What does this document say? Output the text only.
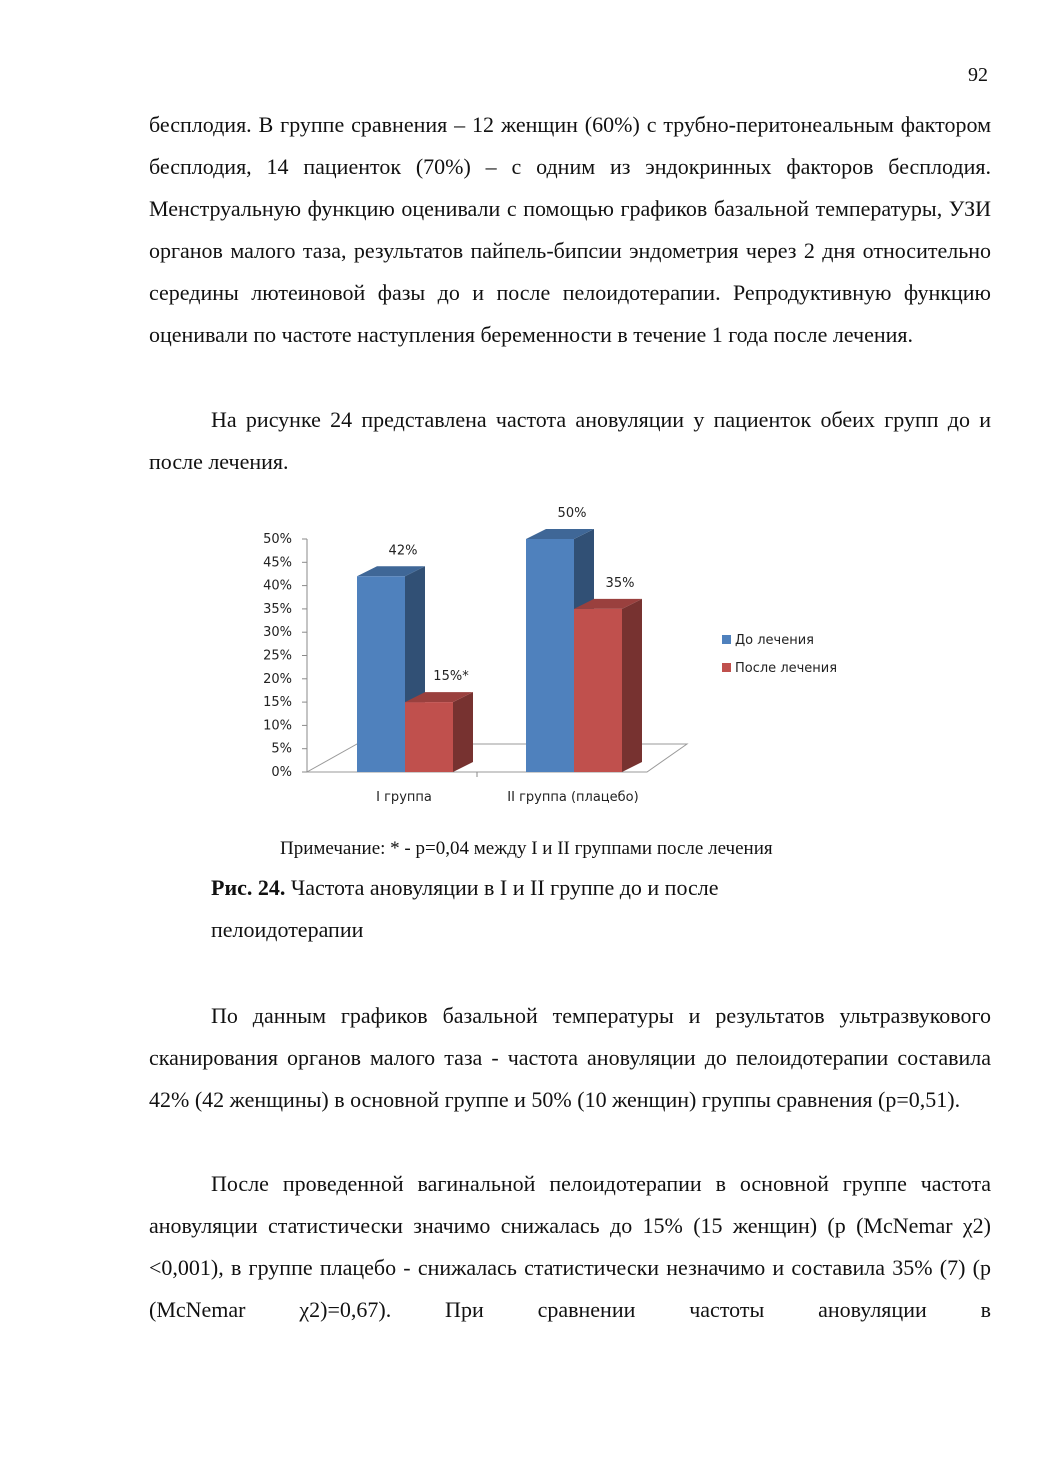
92

бесплодия. В группе сравнения – 12 женщин (60%) с трубно-перитонеальным фактором бесплодия, 14 пациенток (70%) – с одним из эндокринных факторов бесплодия. Менструальную функцию оценивали с помощью графиков базальной температуры, УЗИ органов малого таза, результатов пайпель-бипсии эндометрия через 2 дня относительно середины лютеиновой фазы до и после пелоидотерапии. Репродуктивную функцию оценивали по частоте наступления беременности в течение 1 года после лечения.

На рисунке 24 представлена частота ановуляции у пациенток обеих групп до и после лечения.

0%
5%
10%
15%
20%
25%
30%
35%
40%
45%
50%
I группа	II группа (плацебо)
42%
15%*
50%
35%
До лечения
После лечения
Примечание: * - p=0,04 между I и II группами после лечения

Рис. 24. Частота ановуляции в I и II группе до и после пелоидотерапии

По данным графиков базальной температуры и результатов ультразвукового сканирования органов малого таза - частота ановуляции до пелоидотерапии составила 42% (42 женщины) в основной группе и 50% (10 женщин) группы сравнения (p=0,51).

После проведенной вагинальной пелоидотерапии в основной группе частота ановуляции статистически значимо снижалась до 15% (15 женщин) (p (McNemar χ2)<0,001), в группе плацебо - снижалась статистически незначимо и составила 35% (7) (p (McNemar χ2)=0,67). При сравнении частоты ановуляции в
